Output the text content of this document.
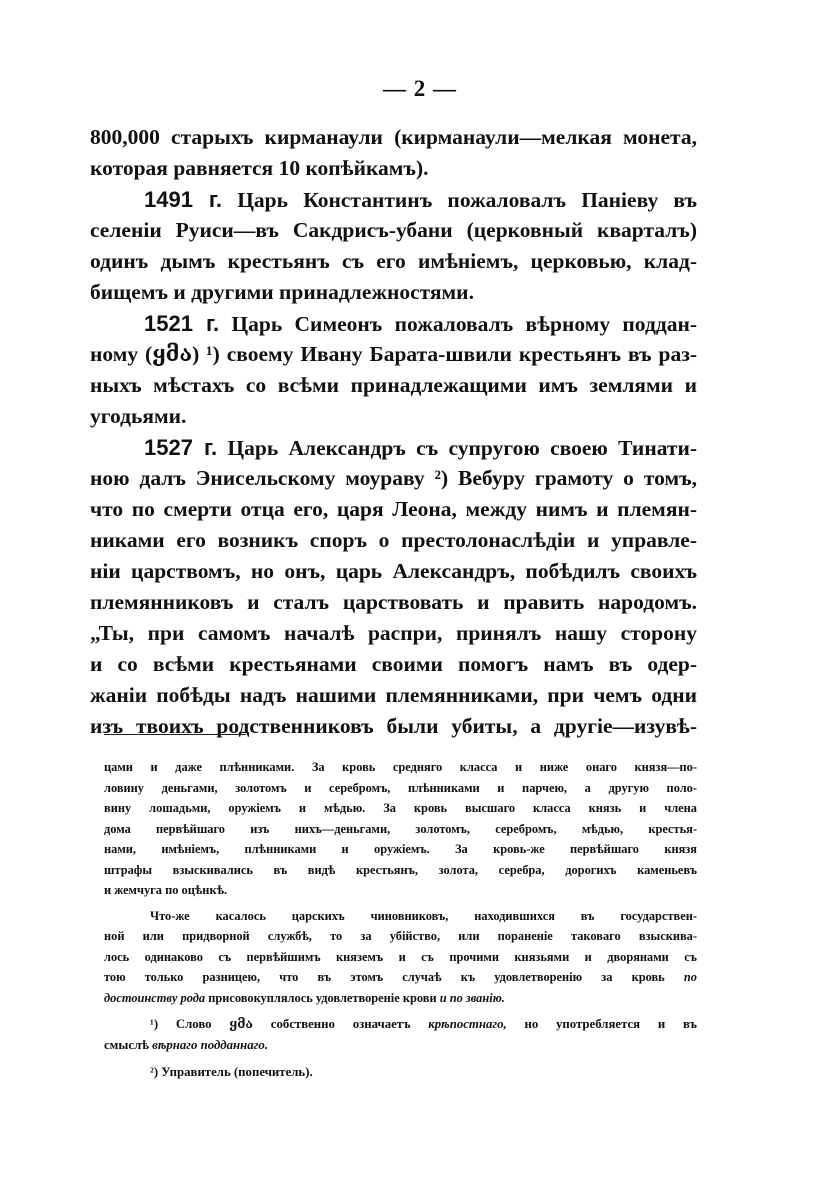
— 2 —
800,000 старыхъ кирманаули (кирманаули—мелкая монета,
которая равняется 10 копѣйкамъ).
1491 г. Царь Константинъ пожаловалъ Паніеву въ
селеніи Руиси—въ Сакдрисъ-убани (церковный кварталъ)
одинъ дымъ крестьянъ съ его имѣніемъ, церковью, клад-
бищемъ и другими принадлежностями.
1521 г. Царь Симеонъ пожаловалъ вѣрному поддан-
ному (ყმა) ¹) своему Ивану Барата-швили крестьянъ въ раз-
ныхъ мѣстахъ со всѣми принадлежащими имъ землями и
угодьями.
1527 г. Царь Александръ съ супругою своею Тинати-
ною далъ Энисельскому моураву ²) Вебуру грамоту о томъ,
что по смерти отца его, царя Леона, между нимъ и племян-
никами его возникъ споръ о престолонаслѣдіи и управле-
ніи царствомъ, но онъ, царь Александръ, побѣдилъ своихъ
племянниковъ и сталъ царствовать и править народомъ.
„Ты, при самомъ началѣ распри, принялъ нашу сторону
и со всѣми крестьянами своими помогъ намъ въ одер-
жаніи побѣды надъ нашими племянниками, при чемъ одни
изъ твоихъ родственниковъ были убиты, а другіе—изувѣ-
цами и даже плѣнниками. За кровь средняго класса и ниже онаго князя—по-
ловину деньгами, золотомъ и серебромъ, плѣнниками и парчею, а другую поло-
вину лошадьми, оружіемъ и мѣдью. За кровь высшаго класса князь и члена
дома первѣйшаго изъ нихъ—деньгами, золотомъ, серебромъ, мѣдью, крестья-
нами, имѣніемъ, плѣнниками и оружіемъ. За кровь-же первѣйшаго князя
штрафы взыскивались въ видѣ крестьянъ, золота, серебра, дорогихъ каменьевъ
и жемчуга по оцѣнкѣ.
Что-же касалось царскихъ чиновниковъ, находившихся въ государствен-
ной или придворной службѣ, то за убійство, или пораненіе таковаго взыскива-
лось одинаково съ первѣйшимъ княземъ и съ прочими князьями и дворянами съ
тою только разницею, что въ этомъ случаѣ къ удовлетворенію за кровь по
достоинству рода присовокуплялось удовлетвореніе крови и по званію.
¹) Слово ყმა собственно означаетъ крѣпостнаго, но употребляется и въ
смыслѣ вѣрнаго подданнаго.
²) Управитель (попечитель).
